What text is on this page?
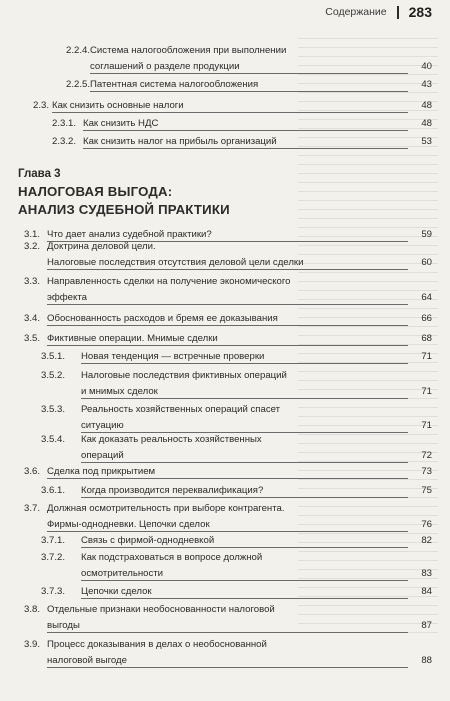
Содержание 283
Глава 3
НАЛОГОВАЯ ВЫГОДА:
АНАЛИЗ СУДЕБНОЙ ПРАКТИКИ
2.2.4. Система налогообложения при выполнении
соглашений о разделе продукции	40
2.2.5. Патентная система налогообложения	43
2.3. Как снизить основные налоги	48
2.3.1. Как снизить НДС	48
2.3.2. Как снизить налог на прибыль организаций	53
3.1. Что дает анализ судебной практики?	59
3.2. Доктрина деловой цели.
Налоговые последствия отсутствия деловой цели сделки	60
3.3. Направленность сделки на получение экономического
эффекта	64
3.4. Обоснованность расходов и бремя ее доказывания	66
3.5. Фиктивные операции. Мнимые сделки	68
3.5.1. Новая тенденция — встречные проверки	71
3.5.2. Налоговые последствия фиктивных операций
и мнимых сделок	71
3.5.3. Реальность хозяйственных операций спасет
ситуацию	71
3.5.4. Как доказать реальность хозяйственных
операций	72
3.6. Сделка под прикрытием	73
3.6.1. Когда производится переквалификация?	75
3.7. Должная осмотрительность при выборе контрагента.
Фирмы-однодневки. Цепочки сделок	76
3.7.1. Связь с фирмой-однодневкой	82
3.7.2. Как подстраховаться в вопросе должной
осмотрительности	83
3.7.3. Цепочки сделок	84
3.8. Отдельные признаки необоснованности налоговой
выгоды	87
3.9. Процесс доказывания в делах о необоснованной
налоговой выгоде	88
